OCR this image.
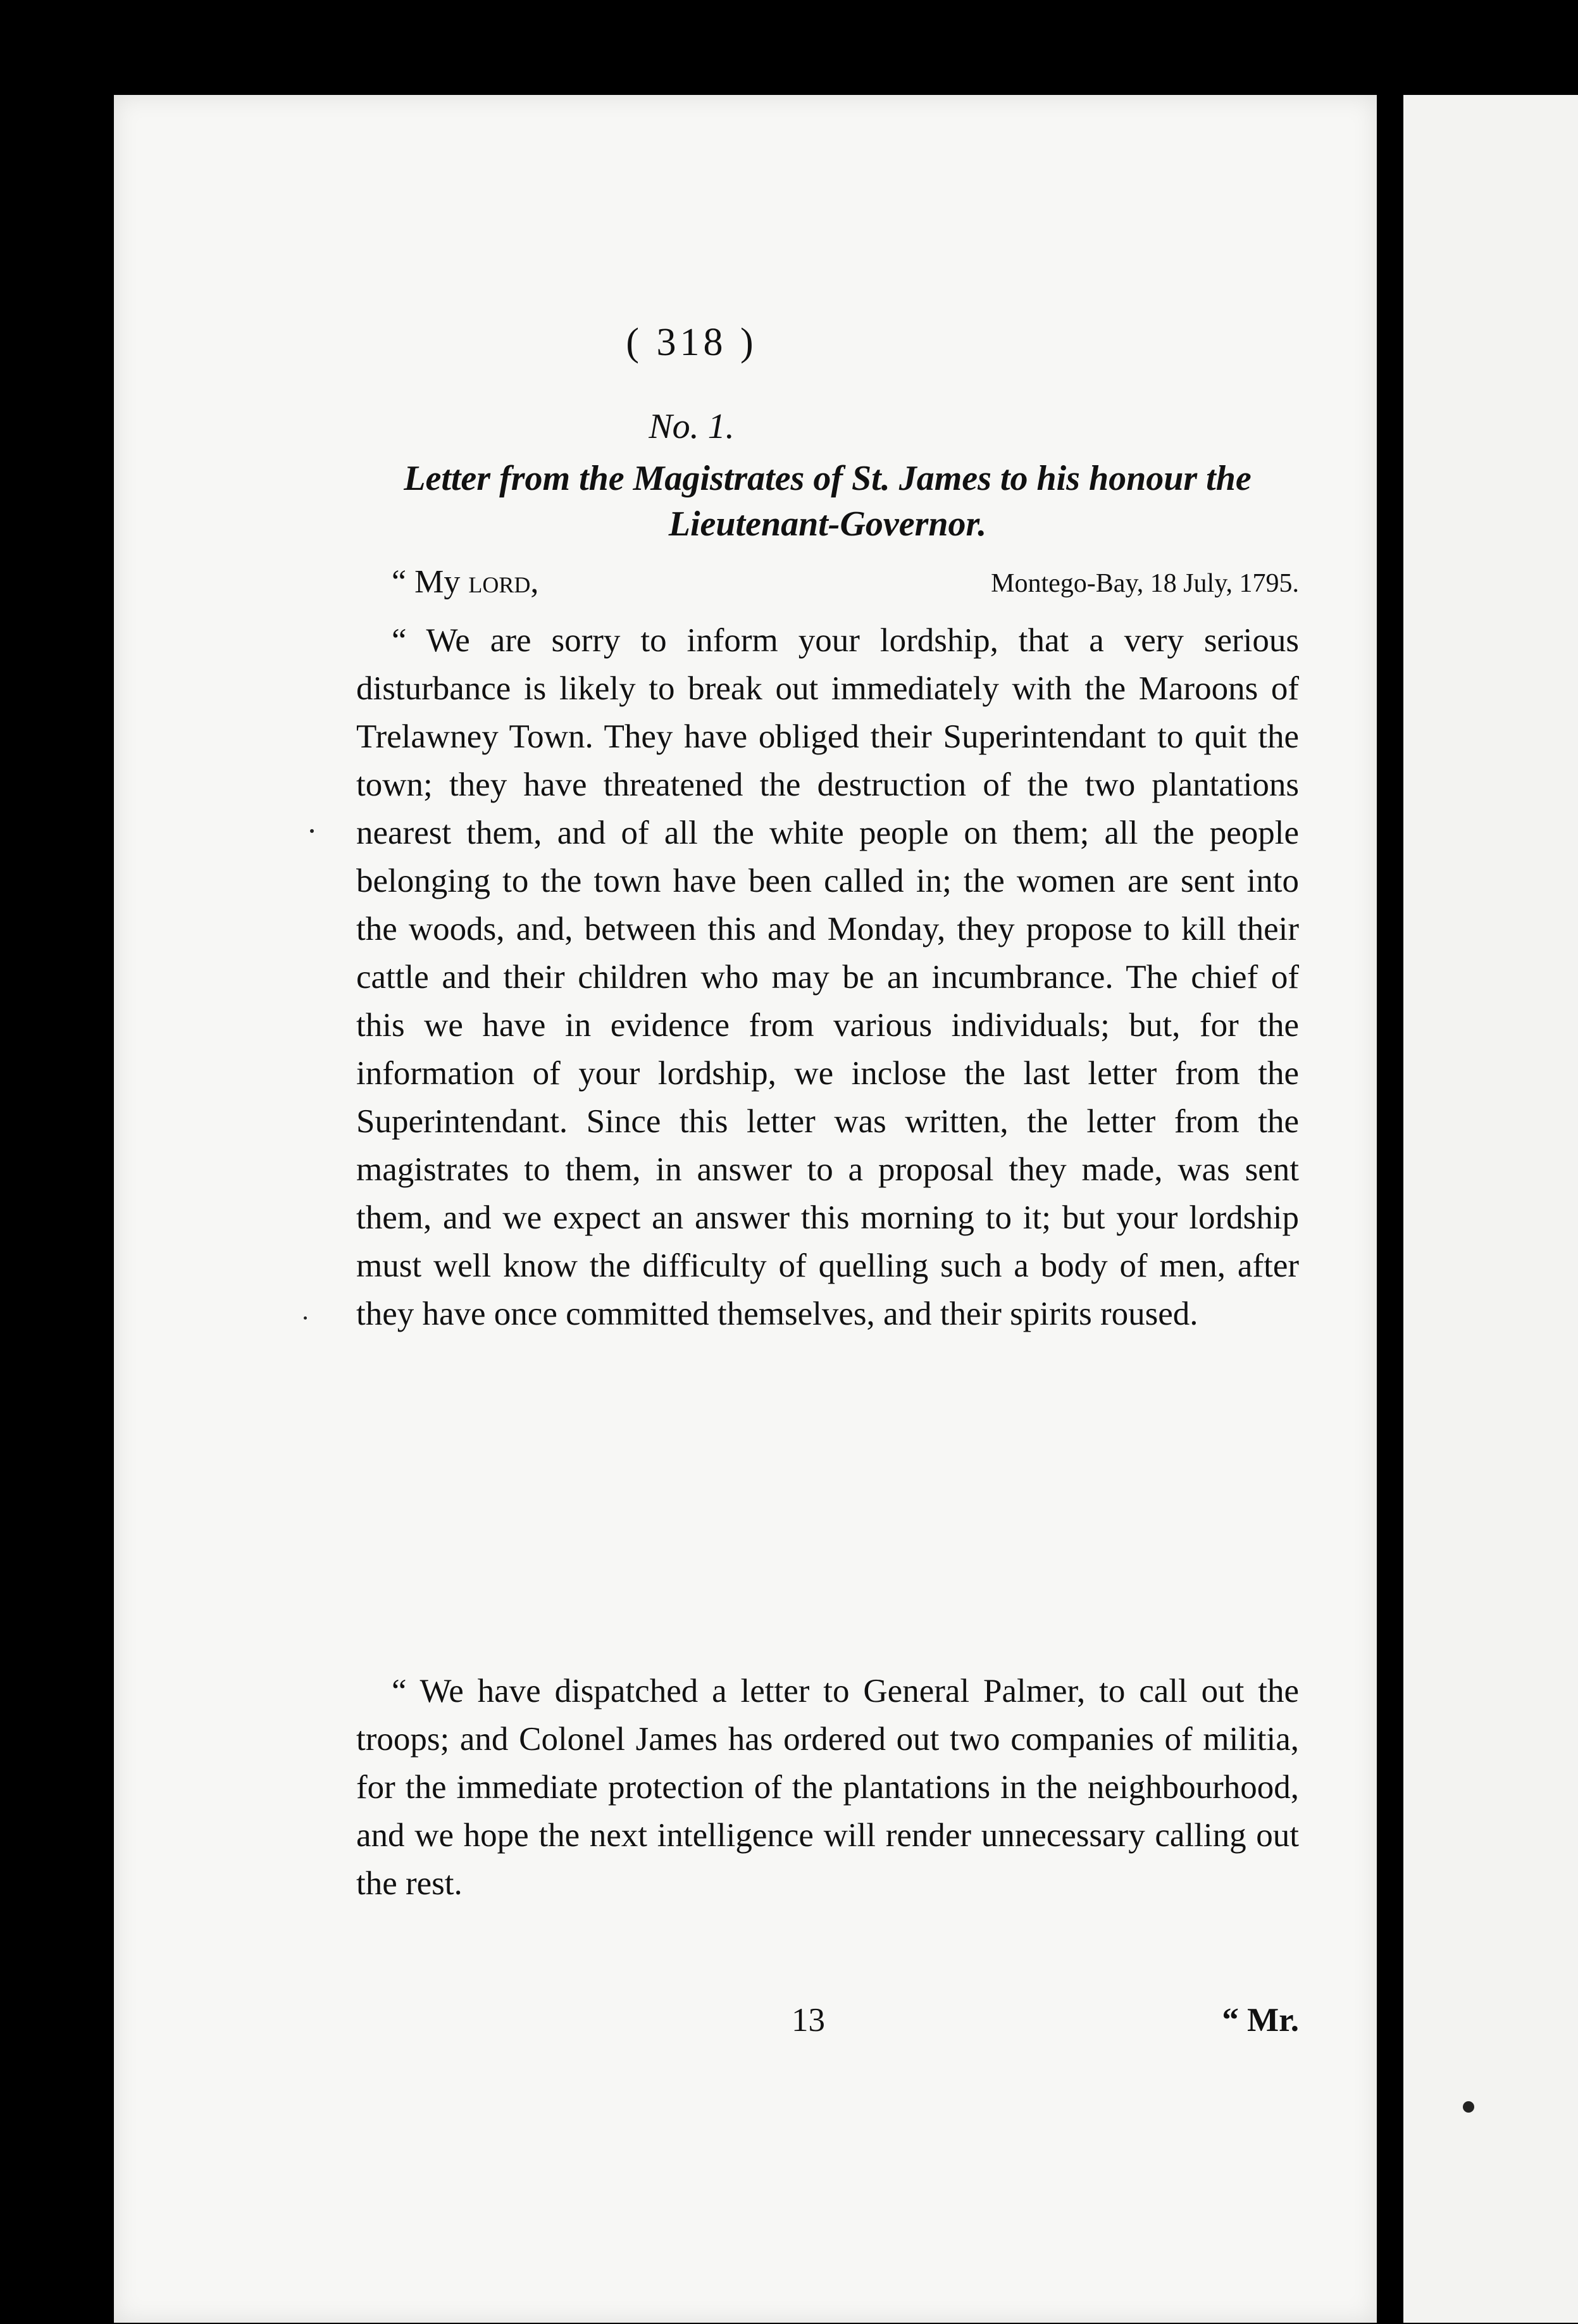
( 318 )
No. 1.
Letter from the Magistrates of St. James to his honour the Lieutenant-Governor.
“ My lord,	Montego-Bay, 18 July, 1795.

“ We are sorry to inform your lordship, that a very serious disturbance is likely to break out immediately with the Maroons of Trelawney Town. They have obliged their Superintendant to quit the town; they have threatened the destruction of the two plantations nearest them, and of all the white people on them; all the people belonging to the town have been called in; the women are sent into the woods, and, between this and Monday, they propose to kill their cattle and their children who may be an incumbrance. The chief of this we have in evidence from various individuals; but, for the information of your lordship, we inclose the last letter from the Superintendant. Since this letter was written, the letter from the magistrates to them, in answer to a proposal they made, was sent them, and we expect an answer this morning to it; but your lordship must well know the difficulty of quelling such a body of men, after they have once committed themselves, and their spirits roused.

“ We have dispatched a letter to General Palmer, to call out the troops; and Colonel James has ordered out two companies of militia, for the immediate protection of the plantations in the neighbourhood, and we hope the next intelligence will render unnecessary calling out the rest.

13	“ Mr.
